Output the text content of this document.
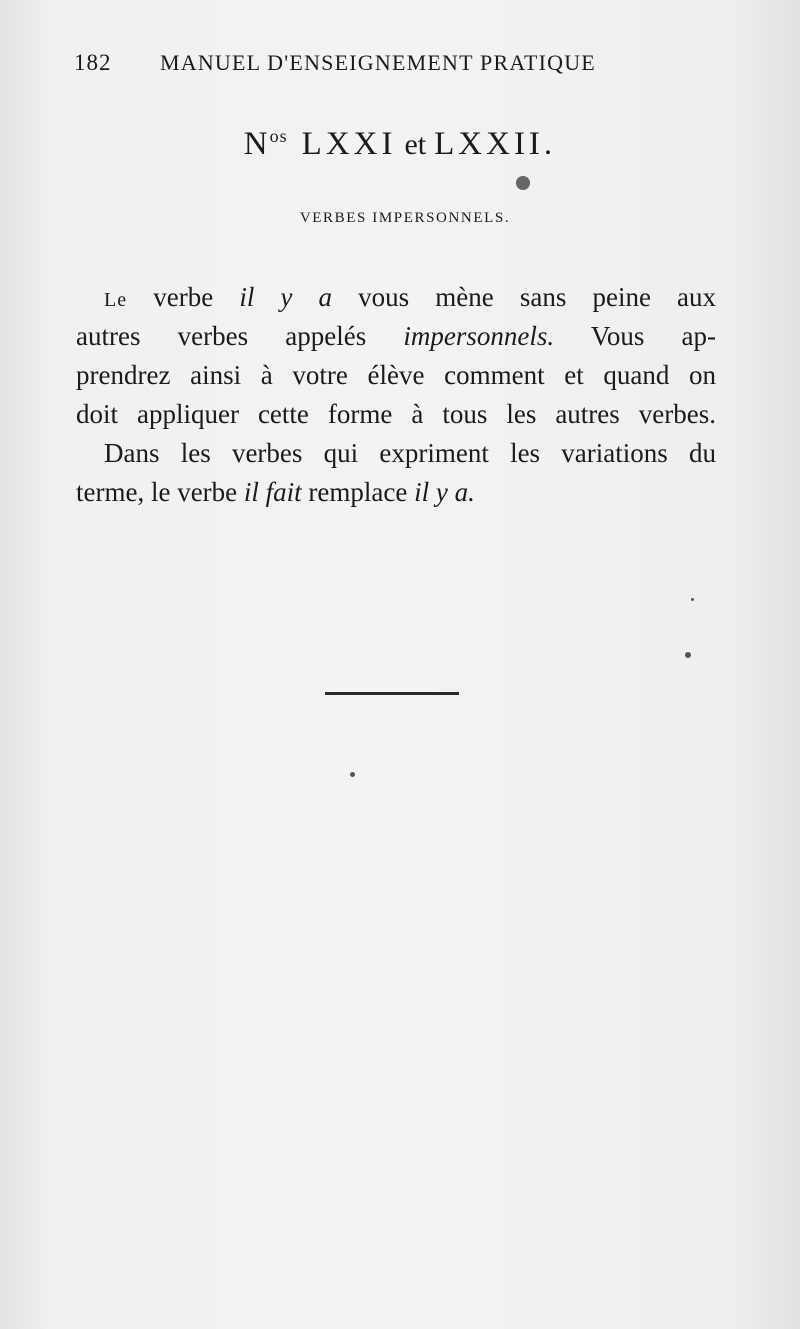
182 MANUEL D'ENSEIGNEMENT PRATIQUE
$N^{os}$ LXXI et LXXII.
VERBES IMPERSONNELS.
Le verbe il y a vous mène sans peine aux
autres verbes appelés impersonnels. Vous ap-
prendrez ainsi à votre élève comment et quand on
doit appliquer cette forme à tous les autres verbes.
Dans les verbes qui expriment les variations du
terme, le verbe il fait remplace il y a.
